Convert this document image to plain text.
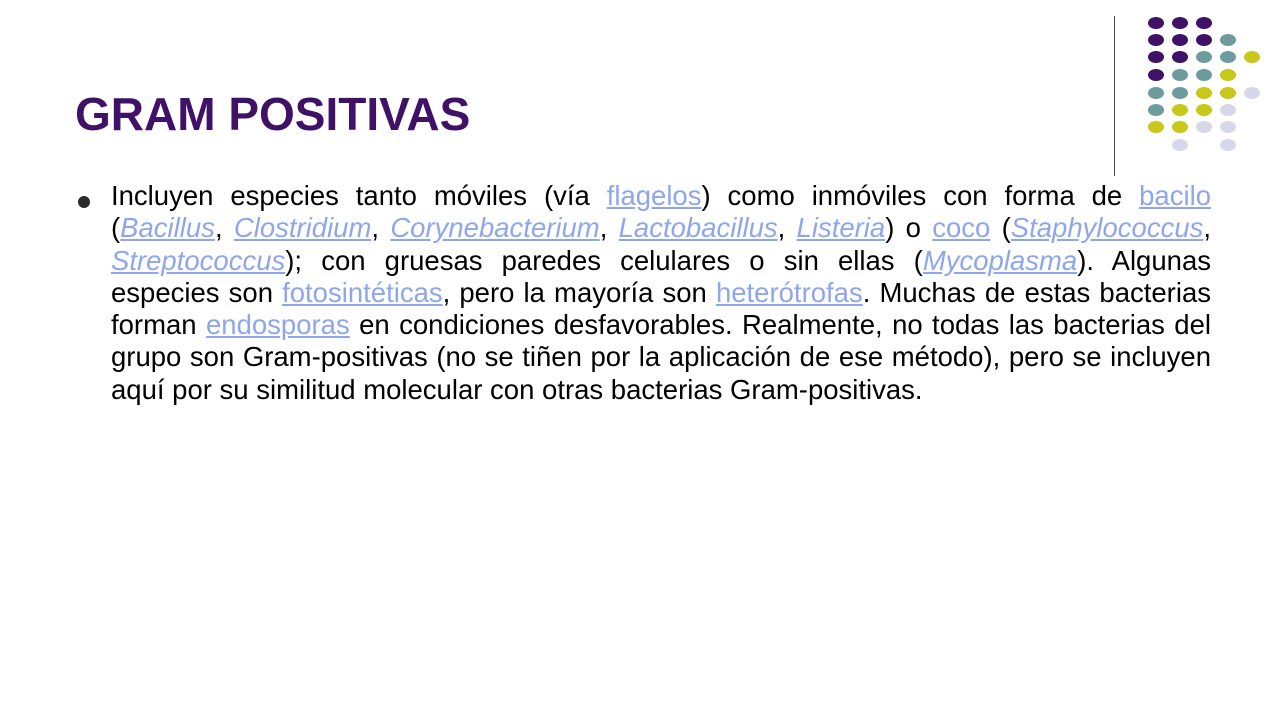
GRAM POSITIVAS

Incluyen especies tanto móviles (vía flagelos) como inmóviles con forma de bacilo (Bacillus, Clostridium, Corynebacterium, Lactobacillus, Listeria) o coco (Staphylococcus, Streptococcus); con gruesas paredes celulares o sin ellas (Mycoplasma). Algunas especies son fotosintéticas, pero la mayoría son heterótrofas. Muchas de estas bacterias forman endosporas en condiciones desfavorables. Realmente, no todas las bacterias del grupo son Gram-positivas (no se tiñen por la aplicación de ese método), pero se incluyen aquí por su similitud molecular con otras bacterias Gram-positivas.
